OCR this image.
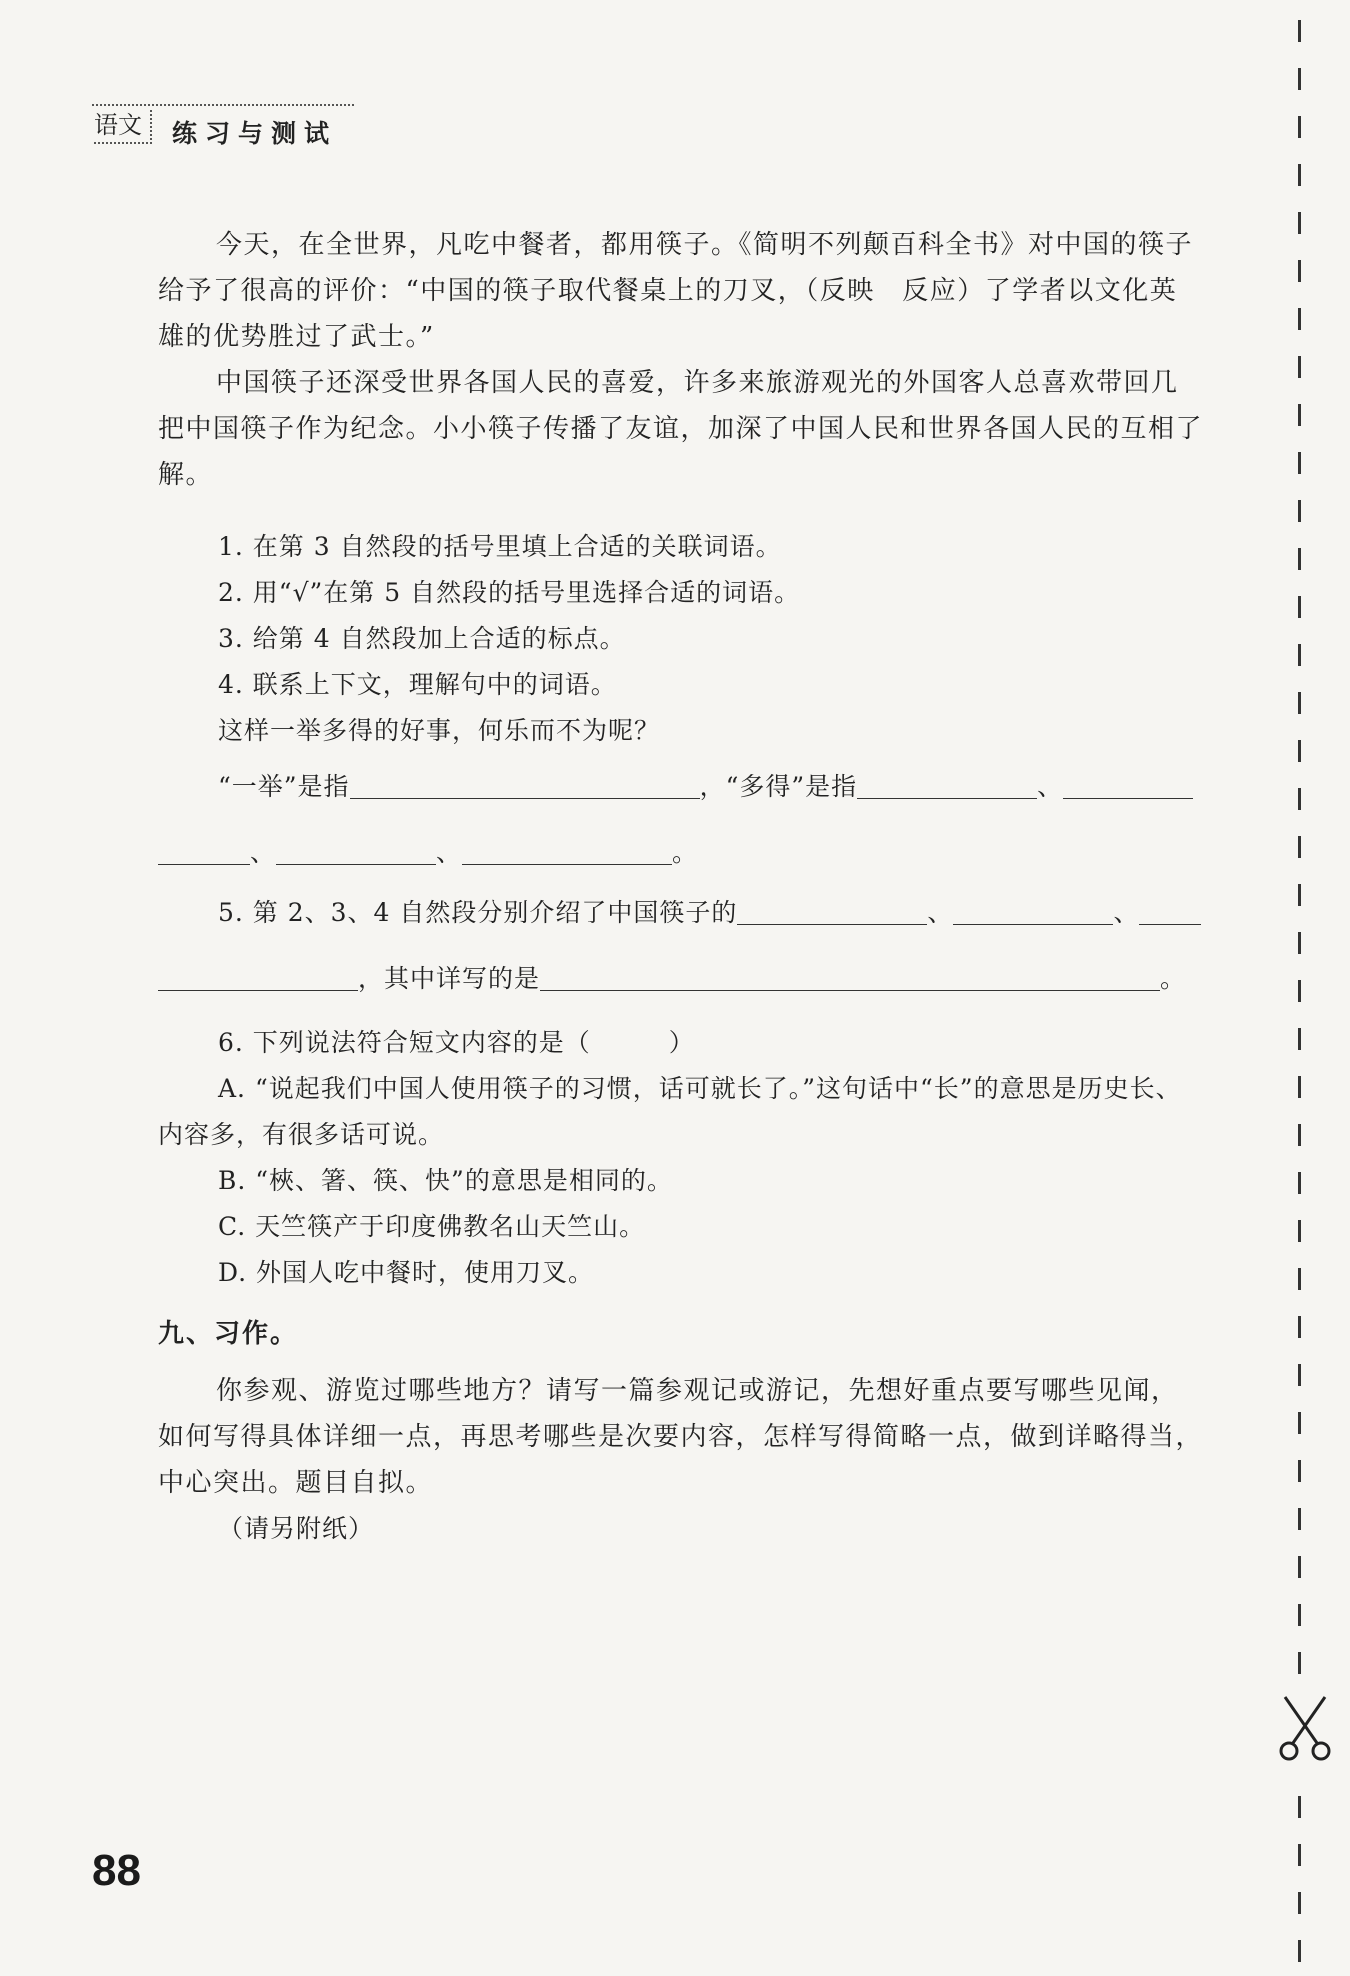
语文	练习与测试

今天，在全世界，凡吃中餐者，都用筷子。《简明不列颠百科全书》对中国的筷子给予了很高的评价：“中国的筷子取代餐桌上的刀叉，（反映　反应）了学者以文化英雄的优势胜过了武士。”

中国筷子还深受世界各国人民的喜爱，许多来旅游观光的外国客人总喜欢带回几把中国筷子作为纪念。小小筷子传播了友谊，加深了中国人民和世界各国人民的互相了解。

1. 在第 3 自然段的括号里填上合适的关联词语。

2. 用“√”在第 5 自然段的括号里选择合适的词语。

3. 给第 4 自然段加上合适的标点。

4. 联系上下文，理解句中的词语。

这样一举多得的好事，何乐而不为呢？

“一举”是指	，“多得”是指	、

、	、	。

5. 第 2、3、4 自然段分别介绍了中国筷子的	、	、

，其中详写的是	。

6. 下列说法符合短文内容的是（　　　）

A. “说起我们中国人使用筷子的习惯，话可就长了。”这句话中“长”的意思是历史长、内容多，有很多话可说。

B. “梜、箸、筷、快”的意思是相同的。

C. 天竺筷产于印度佛教名山天竺山。

D. 外国人吃中餐时，使用刀叉。

九、习作。

你参观、游览过哪些地方？请写一篇参观记或游记，先想好重点要写哪些见闻，如何写得具体详细一点，再思考哪些是次要内容，怎样写得简略一点，做到详略得当，中心突出。题目自拟。

（请另附纸）

88
